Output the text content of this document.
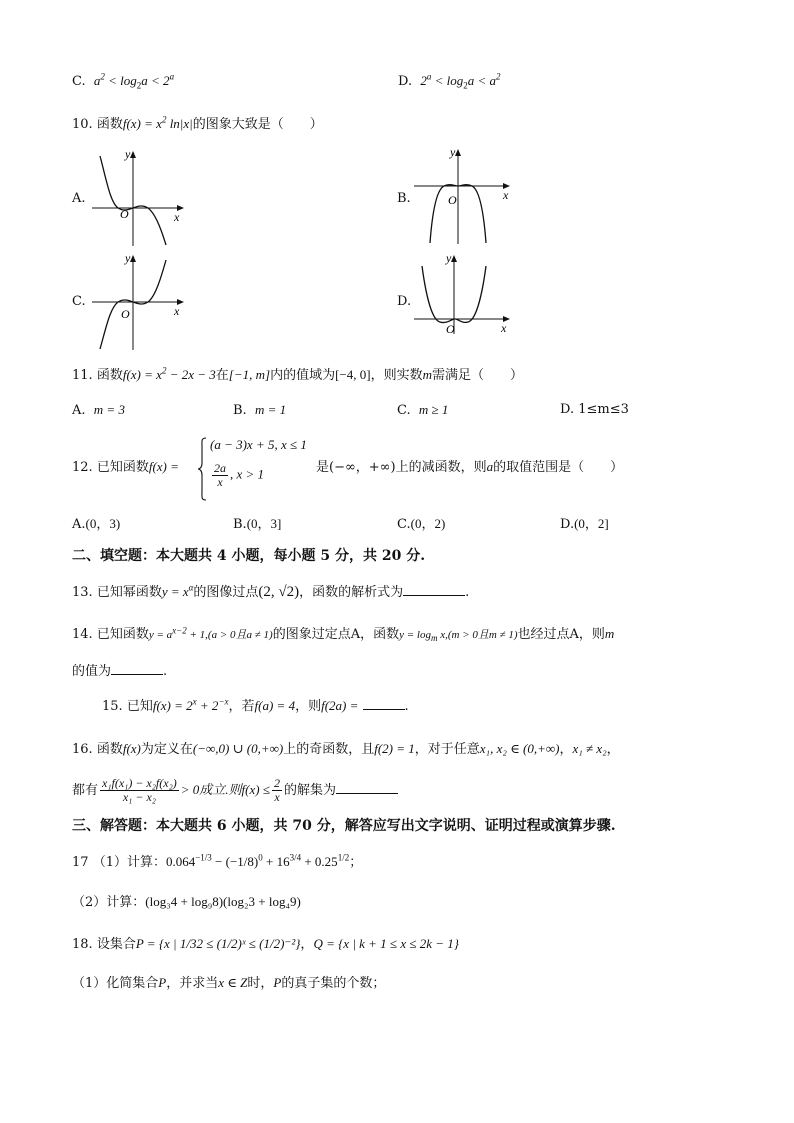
C. $a^2 < \log_2a < 2^a$	D. $2^a < \log_2a < a^2$
10. 函数$f(x) = x^2$ ln|x|的图象大致是（　　）
A.	B.
C.	D.
y
x
O
y
x
O
y
x
O
y
x
O
11. 函数$f(x) = x^2 - 2x - 3$在[−1, m]内的值域为[−4, 0]，则实数m需满足（　　）
A. m = 3	B. m = 1	C. m ≥ 1	D. 1≤m≤3
12. 已知函数f(x) =
(a − 3)x + 5, x ≤ 1
$\frac{2a}{x}$ , x > 1	是(−∞，+∞)上的减函数，则a的取值范围是（　　）
A.(0，3)	B.(0，3]	C.(0，2)	D.(0，2]
二、填空题：本大题共 4 小题，每小题 5 分，共 20 分.
13. 已知幂函数$y = x^\alpha$的图像过点(2, √2)，函数的解析式为	.
14. 已知函数$y = a^{x-2} + 1,(a > 0$且a ≠ 1)的图象过定点A，函数$y = \log_m x,(m > 0$且m ≠ 1)也经过点A，则m
的值为	.
15. 已知$f(x) = 2^x + 2^{-x}$，若f(a) = 4，则f(2a) =	.
16. 函数f(x)为定义在(−∞,0) ∪ (0,+∞)上的奇函数，且f(2) = 1，对于任意x₁, x₂ ∈ (0,+∞)，x₁ ≠ x₂，
都有 $\frac{\text{x₁f(x₁) − x₂f(x₂)}}{\text{x₁ − x₂}} > 0$成立.则$f(x) \le \frac{2}{x}$ 的解集为
三、解答题：本大题共 6 小题，共 70 分，解答应写出文字说明、证明过程或演算步骤.
17 （1）计算：$0.064^{-1/3} - (-1/8)^0 + 16^{3/4} + 0.25^{1/2}$；
（2）计算：(log₃4 + log₉8)(log₂3 + log₄9)
18. 设集合P = {x | 1/32 ≤ (1/2)ˣ ≤ (1/2)⁻²}，Q = {x | k + 1 ≤ x ≤ 2k − 1}
（1）化简集合P，并求当x ∈ Z时，P的真子集的个数；
